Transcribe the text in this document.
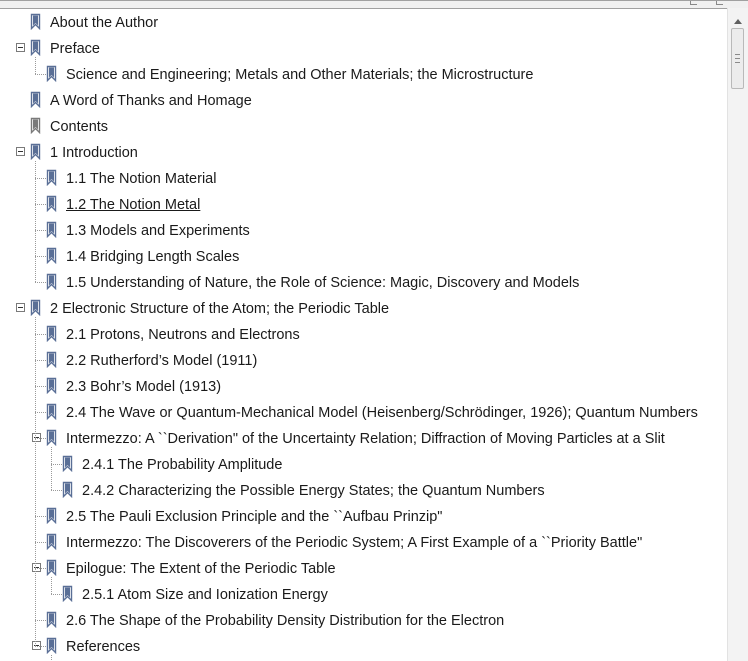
About the Author
Preface
Science and Engineering; Metals and Other Materials; the Microstructure
A Word of Thanks and Homage
Contents
1 Introduction
1.1 The Notion Material
1.2 The Notion Metal
1.3 Models and Experiments
1.4 Bridging Length Scales
1.5 Understanding of Nature, the Role of Science: Magic, Discovery and Models
2 Electronic Structure of the Atom; the Periodic Table
2.1 Protons, Neutrons and Electrons
2.2 Rutherford’s Model (1911)
2.3 Bohr’s Model (1913)
2.4 The Wave or Quantum-Mechanical Model (Heisenberg/Schrödinger, 1926); Quantum Numbers
Intermezzo: A ``Derivation" of the Uncertainty Relation; Diffraction of Moving Particles at a Slit
2.4.1 The Probability Amplitude
2.4.2 Characterizing the Possible Energy States; the Quantum Numbers
2.5 The Pauli Exclusion Principle and the ``Aufbau Prinzip"
Intermezzo: The Discoverers of the Periodic System; A First Example of a ``Priority Battle"
Epilogue: The Extent of the Periodic Table
2.5.1 Atom Size and Ionization Energy
2.6 The Shape of the Probability Density Distribution for the Electron
References
